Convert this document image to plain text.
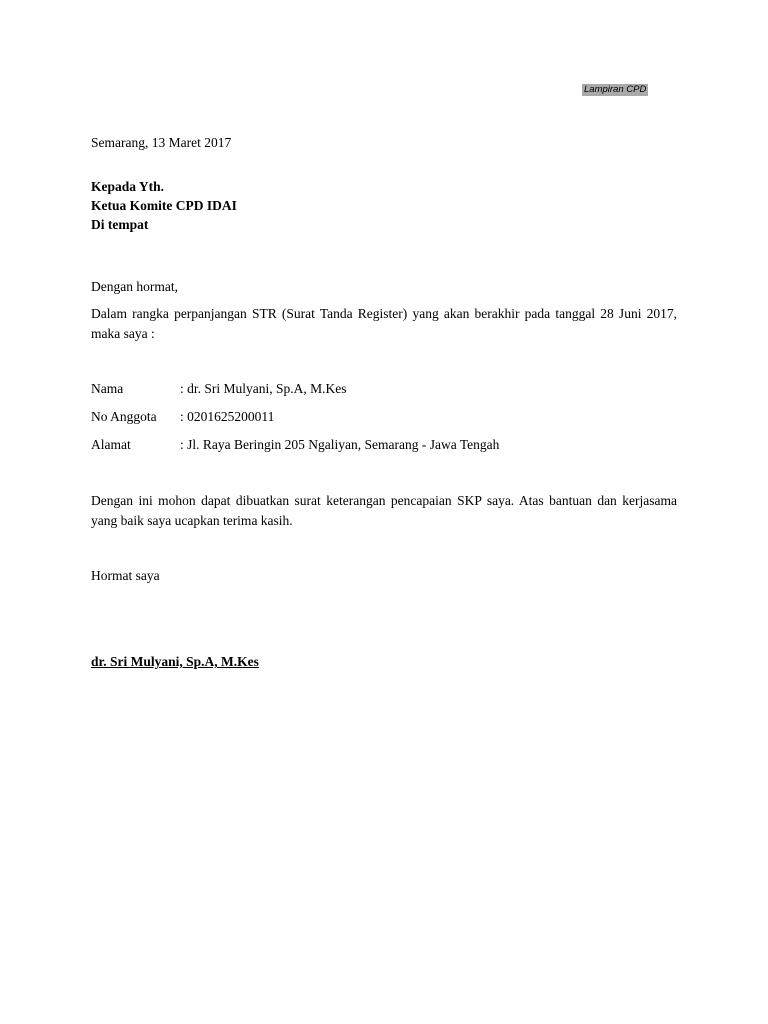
Lampiran CPD
Semarang, 13 Maret 2017
Kepada Yth.
Ketua Komite CPD IDAI
Di tempat
Dengan hormat,
Dalam rangka perpanjangan STR (Surat Tanda Register) yang akan berakhir pada tanggal 28 Juni 2017, maka saya :
Nama	: dr. Sri Mulyani, Sp.A, M.Kes
No Anggota	: 0201625200011
Alamat	: Jl. Raya Beringin 205 Ngaliyan, Semarang - Jawa Tengah
Dengan ini mohon dapat dibuatkan surat keterangan pencapaian SKP saya. Atas bantuan dan kerjasama yang baik saya ucapkan terima kasih.
Hormat saya
dr. Sri Mulyani, Sp.A, M.Kes
